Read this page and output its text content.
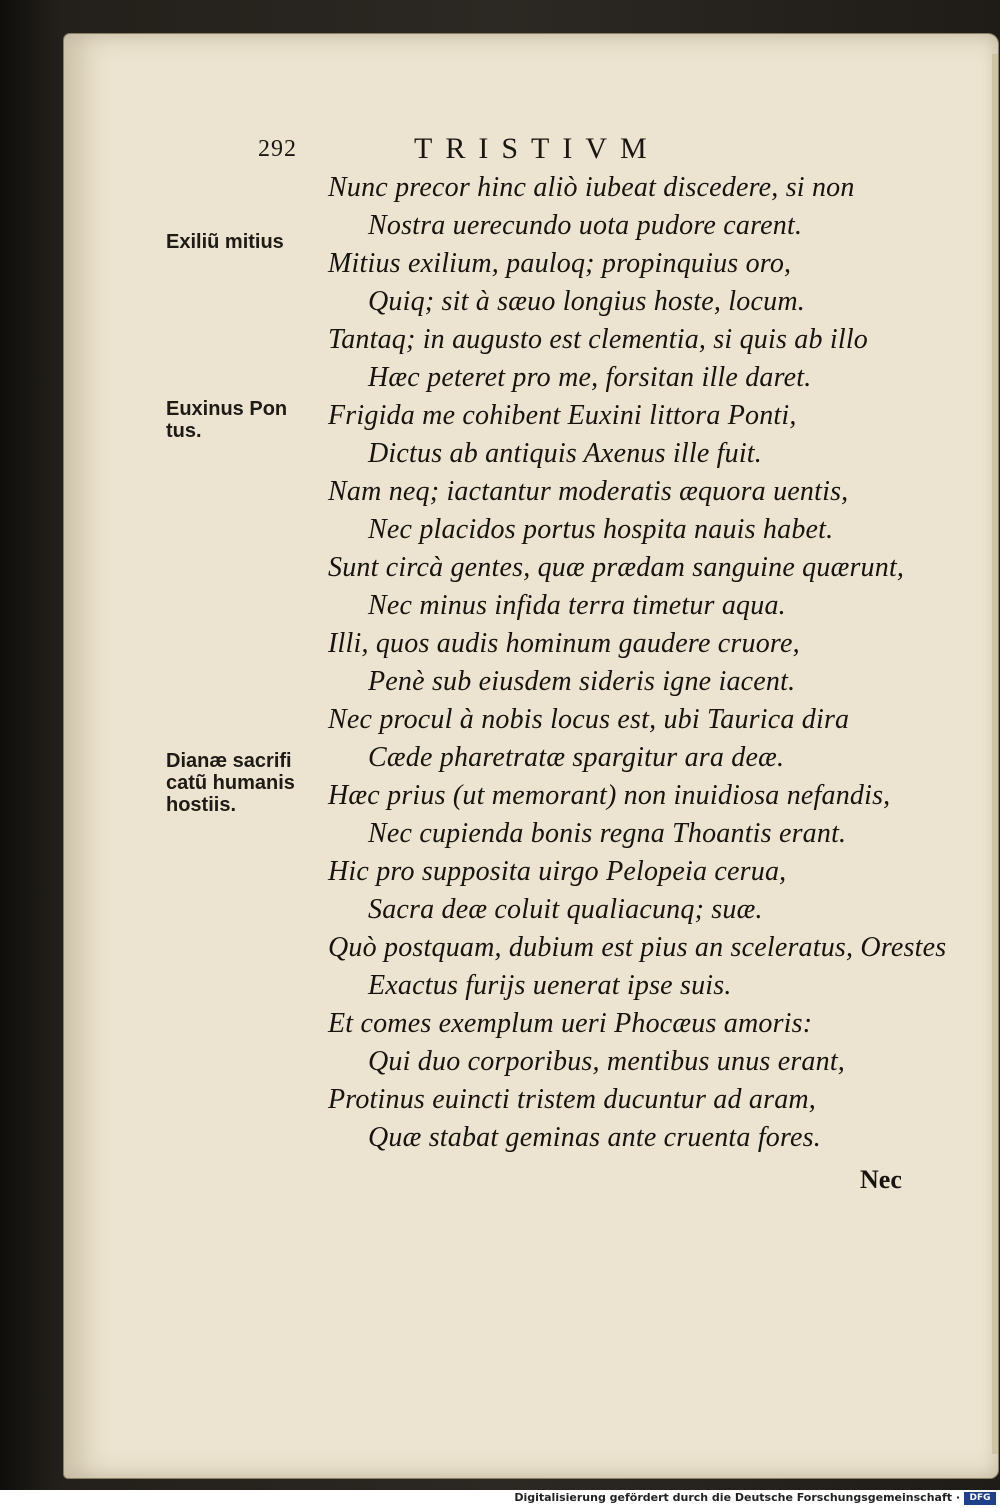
292	TRISTIVM
Exiliũ mitius
Euxinus Pon
tus.
Dianæ sacrifi
catũ humanis
hostiis.
Nunc precor hinc aliò iubeat discedere, si non
Nostra uerecundo uota pudore carent.
Mitius exilium, pauloq; propinquius oro,
Quiq; sit à sæuo longius hoste, locum.
Tantaq; in augusto est clementia, si quis ab illo
Hæc peteret pro me, forsitan ille daret.
Frigida me cohibent Euxini littora Ponti,
Dictus ab antiquis Axenus ille fuit.
Nam neq; iactantur moderatis æquora uentis,
Nec placidos portus hospita nauis habet.
Sunt circà gentes, quæ prædam sanguine quærunt,
Nec minus infida terra timetur aqua.
Illi, quos audis hominum gaudere cruore,
Penè sub eiusdem sideris igne iacent.
Nec procul à nobis locus est, ubi Taurica dira
Cæde pharetratæ spargitur ara deæ.
Hæc prius (ut memorant) non inuidiosa nefandis,
Nec cupienda bonis regna Thoantis erant.
Hic pro supposita uirgo Pelopeia cerua,
Sacra deæ coluit qualiacunq; suæ.
Quò postquam, dubium est pius an sceleratus, Orestes
Exactus furijs uenerat ipse suis.
Et comes exemplum ueri Phocæus amoris:
Qui duo corporibus, mentibus unus erant,
Protinus euincti tristem ducuntur ad aram,
Quæ stabat geminas ante cruenta fores.
Nec
Digitalisierung gefördert durch die Deutsche Forschungsgemeinschaft ·	DFG
